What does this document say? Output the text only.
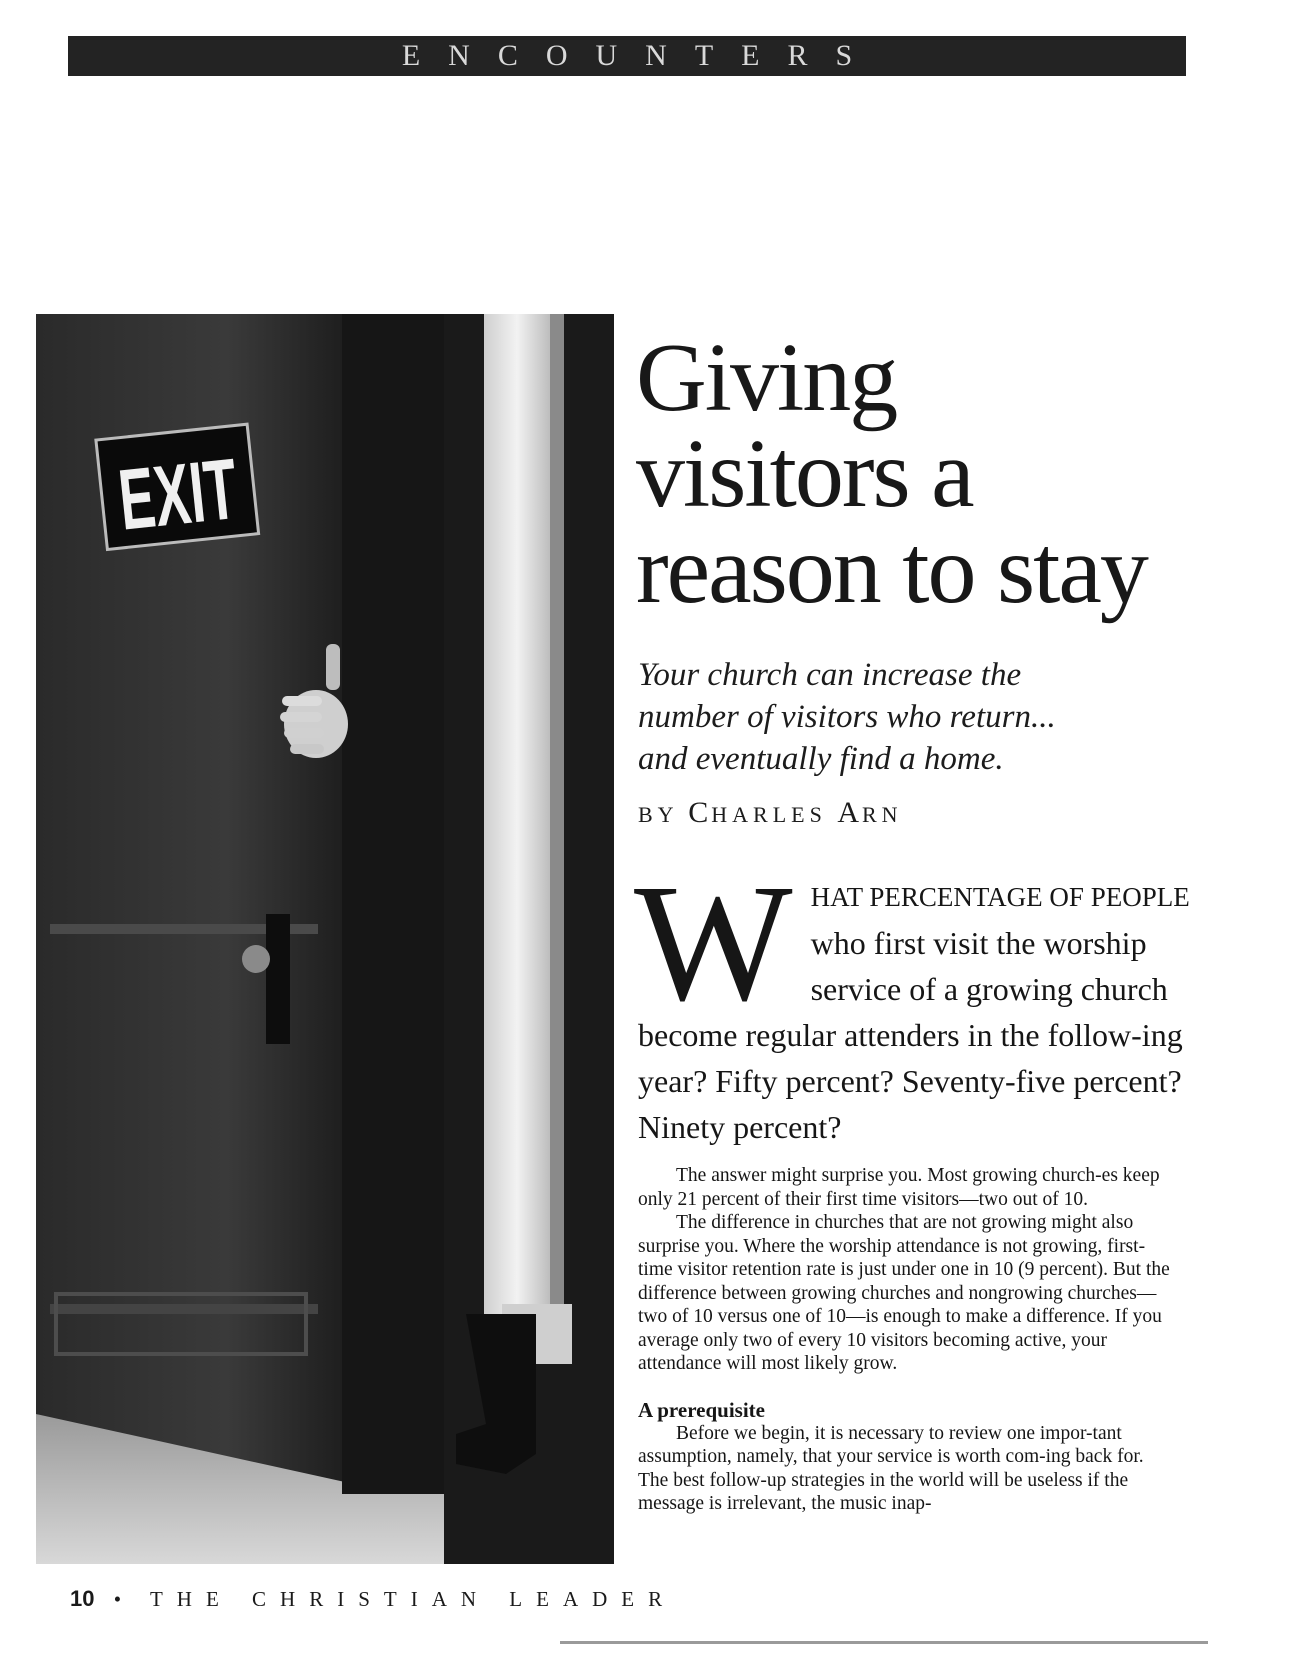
ENCOUNTERS
EXIT
Giving
visitors a
reason to stay

Your church can increase the
number of visitors who return...
and eventually find a home.

BY CHARLES ARN

WHAT PERCENTAGE OF PEOPLE who first visit the worship service of a growing church become regular attenders in the follow-ing year? Fifty percent? Seventy-five percent? Ninety percent?

The answer might surprise you. Most growing church-es keep only 21 percent of their first time visitors—two out of 10.

The difference in churches that are not growing might also surprise you. Where the worship attendance is not growing, first-time visitor retention rate is just under one in 10 (9 percent). But the difference between growing churches and nongrowing churches—two of 10 versus one of 10—is enough to make a difference. If you average only two of every 10 visitors becoming active, your attendance will most likely grow.

A prerequisite

Before we begin, it is necessary to review one impor-tant assumption, namely, that your service is worth com-ing back for. The best follow-up strategies in the world will be useless if the message is irrelevant, the music inap-

10 • THE CHRISTIAN LEADER
